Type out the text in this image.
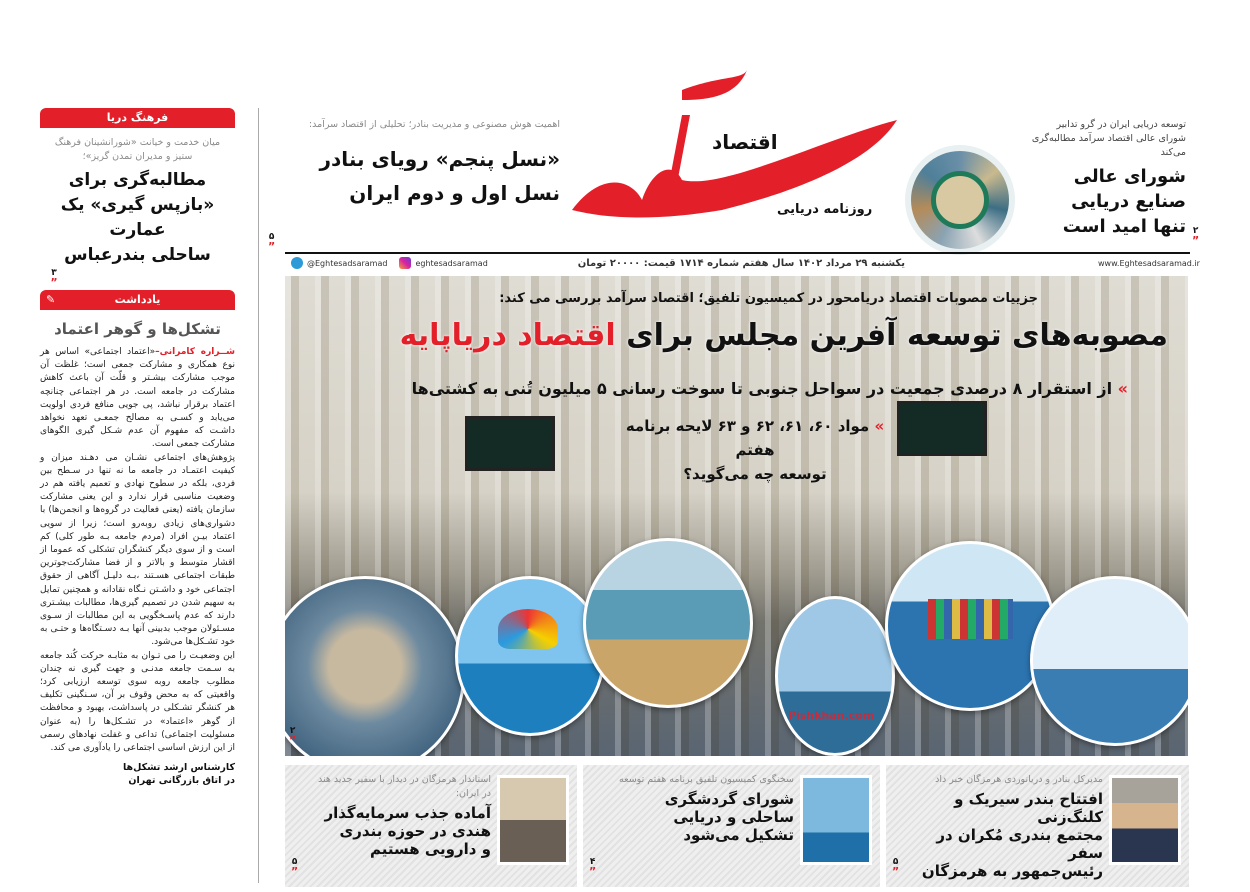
فرهنگ دریا
میان خدمت و خیانت «شورانشینان فرهنگ ستیز و مدیران تمدن گریز»؛
مطالبه‌گری برای
«بازپس گیری» یک عمارت
ساحلی بندرعباس
۳
”
یادداشت
✎
تشکل‌ها و گوهر اعتماد

شــراره کامرانی–«اعتماد اجتماعی» اساس هر نوع همکاری و مشارکت جمعی است؛ غلظت آن موجب مشارکت بیشـتر و قلّت آن باعث کاهش مشارکت در جامعه است. در هر اجتماعی چنانچه اعتماد برقرار نباشد، پی جویی منافع فردی اولویت می‌یابد و کسـی به مصالح جمعـی تعهد نخواهد داشـت که مفهوم آن عدم شـکل گیری الگوهای مشارکت جمعی است.

پژوهش‌های اجتماعی نشـان می دهـند میزان و کیفیت اعتمـاد در جامعه ما نه تنها در سـطح بین فردی، بلکه در سطوح نهادی و تعمیم یافته هم در وضعیت مناسبی قرار ندارد و این یعنی مشارکت سازمان یافته (یعنی فعالیت در گروه‌ها و انجمن‌ها) با دشواری‌های زیادی روبه‌رو است؛ زیرا از سویی اعتماد بیـن افراد (مردم جامعه بـه طور کلی) کم است و از سوی دیگر کنشگران تشکلی که عموما از اقشار متوسط و بالاتر و از فضا مشارکت‌جوترین طبقات اجتماعی هسـتند ،بـه دلیـل آگاهی از حقوق اجتماعی خود و داشـتن نـگاه نقادانه و همچنین تمایل به سهیم شدن در تصمیم گیری‌ها، مطالبات بیشـتری دارند که عدم پاسـخگویی به این مطالبات از سـوی مسـئولان موجب بدبینی آنها بـه دسـتگاه‌ها و حتـی به خود تشـکل‌ها می‌شود.

این وضعیـت را می تـوان به مثابـه حرکت کُند جامعه به سـمت جامعه مدنـی و جهت گیری نه چندان مطلوب جامعه روبه سوی توسعه ارزیابی کرد؛ واقعیتی که به محض وقوف بر آن، سـنگینی تکلیف هر کنشگر تشـکلی در پاسداشت، بهبود و محافظت از گوهر «اعتماد» در تشـکل‌ها را (به عنوان مسئولیت اجتماعی) تداعی و غفلت نهادهای رسمی از این ارزش اساسی اجتماعی را یادآوری می کند.

کارشناس ارشد تشکل‌ها
در اتاق بازرگانی تهران
توسعه دریایی ایران در گرو تدابیر شورای عالی اقتصاد سرآمد مطالبه‌گری می‌کند
شورای عالی
صنایع دریایی
تنها امید است ۲
”
اقتصاد
روزنامه دریایی
اهمیت هوش مصنوعی و مدیریت بنادر؛ تحلیلی از اقتصاد سرآمد:
«نسل پنجم» رویای بنادر
نسل اول و دوم ایران
۵
”
یکشنبه ۲۹ مرداد ۱۴۰۲ سال هفتم شماره ۱۷۱۴ قیمت: ۲۰۰۰۰ تومان	www.Eghtesadsaramad.ir
@Eghtesadsaramad	eghtesadsaramad
جزییات مصوبات اقتصاد دریامحور در کمیسیون تلفیق؛ اقتصاد سرآمد بررسی می کند:
مصوبه‌های توسعه آفرین مجلس برای اقتصاد دریاپایه
» از استقرار ۸ درصدی جمعیت در سواحل جنوبی تا سوخت رسانی ۵ میلیون تُنی به کشتی‌ها
» مواد ۶۰، ۶۱، ۶۲ و ۶۳ لایحه برنامه هفتم
توسعه چه می‌گوید؟
Pishkhan.com
۲
”
مدیرکل بنادر و دریانوردی هرمزگان خبر داد
افتتاح بندر سیریک و کلنگ‌زنی
مجتمع بندری مُکران در سفر
رئیس‌جمهور به هرمزگان
۵
”
سخنگوی کمیسیون تلفیق برنامه هفتم توسعه
شورای گردشگری
ساحلی و دریایی
تشکیل می‌شود
۴
”
استاندار هرمزگان در دیدار با سفیر جدید هند در ایران:
آماده جذب سرمایه‌گذار
هندی در حوزه بندری
و دارویی هستیم
۵
”
